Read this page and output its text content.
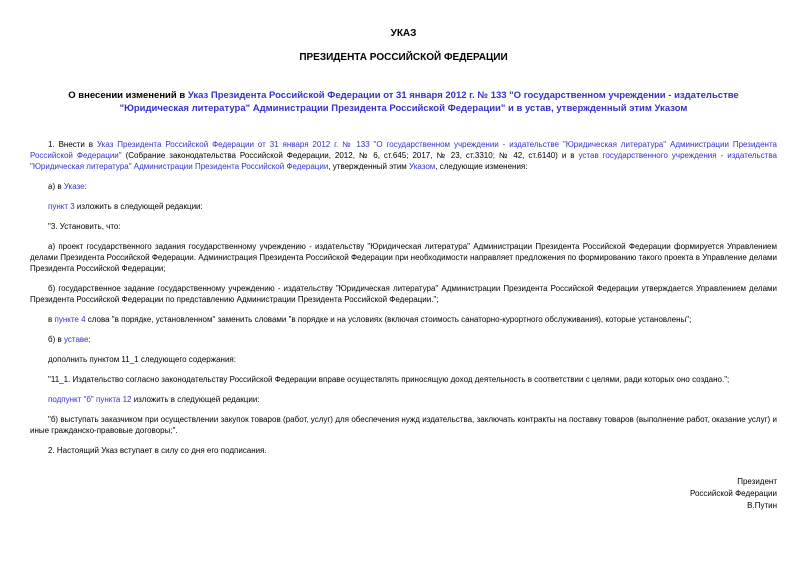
УКАЗ
ПРЕЗИДЕНТА РОССИЙСКОЙ ФЕДЕРАЦИИ
О внесении изменений в Указ Президента Российской Федерации от 31 января 2012 г. № 133 "О государственном учреждении - издательстве "Юридическая литература" Администрации Президента Российской Федерации" и в устав, утвержденный этим Указом

1. Внести в Указ Президента Российской Федерации от 31 января 2012 г. № 133 "О государственном учреждении - издательстве "Юридическая литература" Администрации Президента Российской Федерации" (Собрание законодательства Российской Федерации, 2012, № 6, ст.645; 2017, № 23, ст.3310; № 42, ст.6140) и в устав государственного учреждения - издательства "Юридическая литература" Администрации Президента Российской Федерации, утвержденный этим Указом, следующие изменения:

а) в Указе:

пункт 3 изложить в следующей редакции:

"3. Установить, что:

а) проект государственного задания государственному учреждению - издательству "Юридическая литература" Администрации Президента Российской Федерации формируется Управлением делами Президента Российской Федерации. Администрация Президента Российской Федерации при необходимости направляет предложения по формированию такого проекта в Управление делами Президента Российской Федерации;

б) государственное задание государственному учреждению - издательству "Юридическая литература" Администрации Президента Российской Федерации утверждается Управлением делами Президента Российской Федерации по представлению Администрации Президента Российской Федерации.";

в пункте 4 слова "в порядке, установленном" заменить словами "в порядке и на условиях (включая стоимость санаторно-курортного обслуживания), которые установлены";

б) в уставе:

дополнить пунктом 11_1 следующего содержания:

"11_1. Издательство согласно законодательству Российской Федерации вправе осуществлять приносящую доход деятельность в соответствии с целями, ради которых оно создано.";

подпункт "б" пункта 12 изложить в следующей редакции:

"б) выступать заказчиком при осуществлении закупок товаров (работ, услуг) для обеспечения нужд издательства, заключать контракты на поставку товаров (выполнение работ, оказание услуг) и иные гражданско-правовые договоры;".

2. Настоящий Указ вступает в силу со дня его подписания.

Президент
Российской Федерации
В.Путин
